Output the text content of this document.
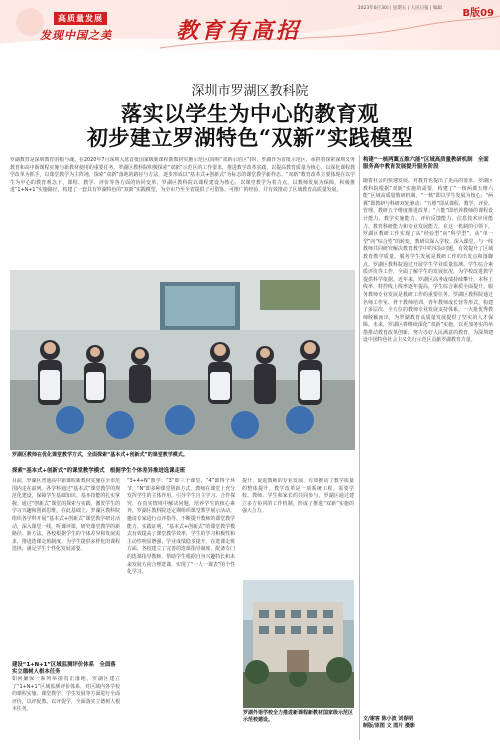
高质量发展
发现中国之美	教育有高招
2023年6月30日 星期五 | 人民日报 | 编辑 B版09
深圳市罗湖区教科院
落实以学生为中心的教育观
初步建立罗湖特色“双新”实践模型
罗湖教育是深圳教育的根与魂。在2020年7月深圳入选首批国家级新课程新教材实施示范区(简称“双新示范区”)时，罗湖作为首批示范区，承担着探索深圳义务教育和高中新课程实施与新教材使用的重要任务。罗湖区教科院积极探索“双新”示范区的工作要求，推进教学改革实践，以提高教育质量为核心，以深化课程教学改革为抓手，以课堂教学为主阵地，探索“双新”落地的路径与方法，逐步形成以“基本式+创新式”为标志的课堂教学新样态。“双新”教育改革主要体现在以学生为中心的教育观念下，课程、教学、评价等各方面的协同变革。罗湖区教科院以课程建设为核心，以课堂教学为着力点，以教师发展为保障，积极推进“1+N+1”实施路径，构建了一套具有罗湖特色的“双新”实践模型，为全市乃至全省提供了可借鉴、可推广的经验，并有效推动了区域教育高质量发展。
罗湖区教师在优化课堂教学方式，全面探索“基本式+创新式”的课堂教学模式。
探索“基本式+创新式”的课堂教学模式　根据学生个体差异推进选课走班
目前，罗湖区普通高中新课程新教材实施在全市范围内走在前列。各学科通过“基本式”课堂教学的规范化建设，保障学生基础知识、基本技能的扎实掌握；通过“创新式”课堂的探索与实践，激发学生的学习兴趣和创新思维。在此基础上，罗湖区教科院组织各学科开展“基本式+创新式”课堂教学研讨活动，深入课堂一线，听课评课，研究课堂教学的新路径、新方法。各校根据学生的个体差异和发展需求，推进选课走班制度，为学生提供多样化的课程选择，满足学生个性化发展需要。
“3+4+N”教学：“3”即三个课堂，“4”即四个环节，“N”即多种课堂创新方式。教师在课堂上充分发挥学生的主体作用，引导学生自主学习、合作探究，在真实情境中解决问题，培养学生的核心素养。罗湖区教科院还定期组织课堂教学展示活动，邀请专家进行点评指导，不断提升教师的课堂教学能力。实践证明，“基本式+创新式”的课堂教学模式有效提高了课堂教学效率，学生的学习积极性和主动性明显增强，学业成绩稳步提升。在选课走班方面，各校建立了完善的选课指导制度，配备专门的选课指导教师，帮助学生根据自身兴趣特长和未来发展方向合理选课，实现了“一人一课表”的个性化学习。
提升，促进教师的专业发展，有效推动了教学质量的整体提升。教学改革是一项系统工程，需要学校、教师、学生和家长的共同参与。罗湖区通过建立多方协同的工作机制，形成了推进“双新”实施的强大合力。
建设“1+N+1”区域监测评价体系　全面落实立德树人根本任务
如何确保一系列举措真正落地，罗湖区建立了“1+N+1”区域监测评价体系，对区域内各学校的课程实施、课堂教学、学生发展等方面进行全面评价，以评促教、以评促学，全面落实立德树人根本任务。
罗湖外语学校全力推进新课程新教材国家级示范区示范校建设。
构建“一核两翼五维六能”区域高质量教研机制　全面服务高中教育发展提升服务阶段
随着社会的快速发展，对教育也提出了更高的要求。罗湖区教科院根据“双新”实施的需要，构建了“一核两翼五维六能”区域高质量教研机制。“一核”即以学生发展为核心；“两翼”即教研与科研双轮驱动；“五维”即从课程、教学、评价、管理、教研五个维度推进改革；“六能”即培养教师的课程设计能力、教学实施能力、评价反馈能力、信息技术应用能力、教育科研能力和专业发展能力。在这一机制的引领下，罗湖区教研工作实现了从“经验型”向“科学型”、从“单一型”向“综合型”的转变。教研员深入学校、深入课堂，与一线教师共同研究解决教育教学中的实际问题，有效提升了区域教育教学质量。服务学生发展是教研工作的出发点和落脚点。罗湖区教科院通过开展学生学业质量监测、学生综合素质评价等工作，全面了解学生的发展状况，为学校改进教学提供科学依据。近年来，罗湖区高考成绩持续攀升，本科上线率、特控线上线率逐年提高，学生综合素质全面提升。服务教师专业发展是教研工作的重要任务。罗湖区教科院通过名师工作室、骨干教师培训、青年教师成长营等形式，构建了多层次、全方位的教师专业发展支持体系，一大批优秀教师脱颖而出，为罗湖教育高质量发展提供了坚实的人才保障。未来，罗湖区将继续深化“双新”实施，以更加务实的举措推动教育改革创新，努力办好人民满意的教育，为深圳建设中国特色社会主义先行示范区贡献罗湖教育力量。
文/谢客 陈小波 刘春明
制版/原图 文 图片 摄影
